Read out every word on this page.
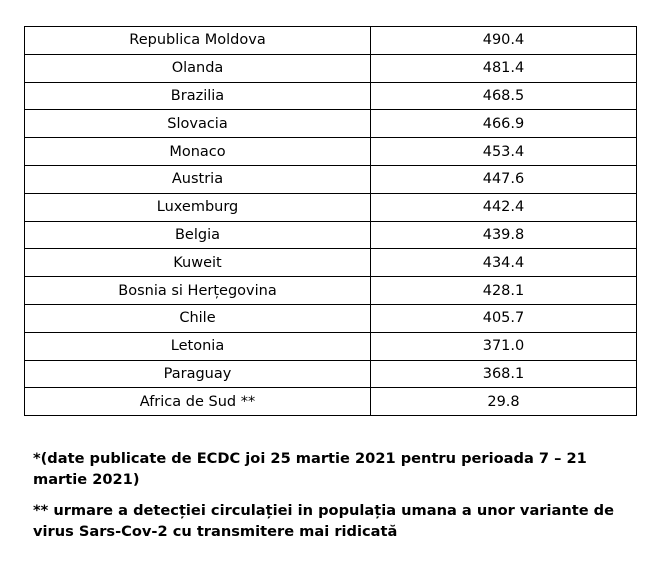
Republica Moldova	490.4
Olanda	481.4
Brazilia	468.5
Slovacia	466.9
Monaco	453.4
Austria	447.6
Luxemburg	442.4
Belgia	439.8
Kuweit	434.4
Bosnia si Herțegovina	428.1
Chile	405.7
Letonia	371.0
Paraguay	368.1
Africa de Sud **	29.8

*(date publicate de ECDC joi 25 martie 2021 pentru perioada 7 – 21 martie 2021)

** urmare a detecției circulației in populația umana a unor variante de virus Sars-Cov-2 cu transmitere mai ridicată
